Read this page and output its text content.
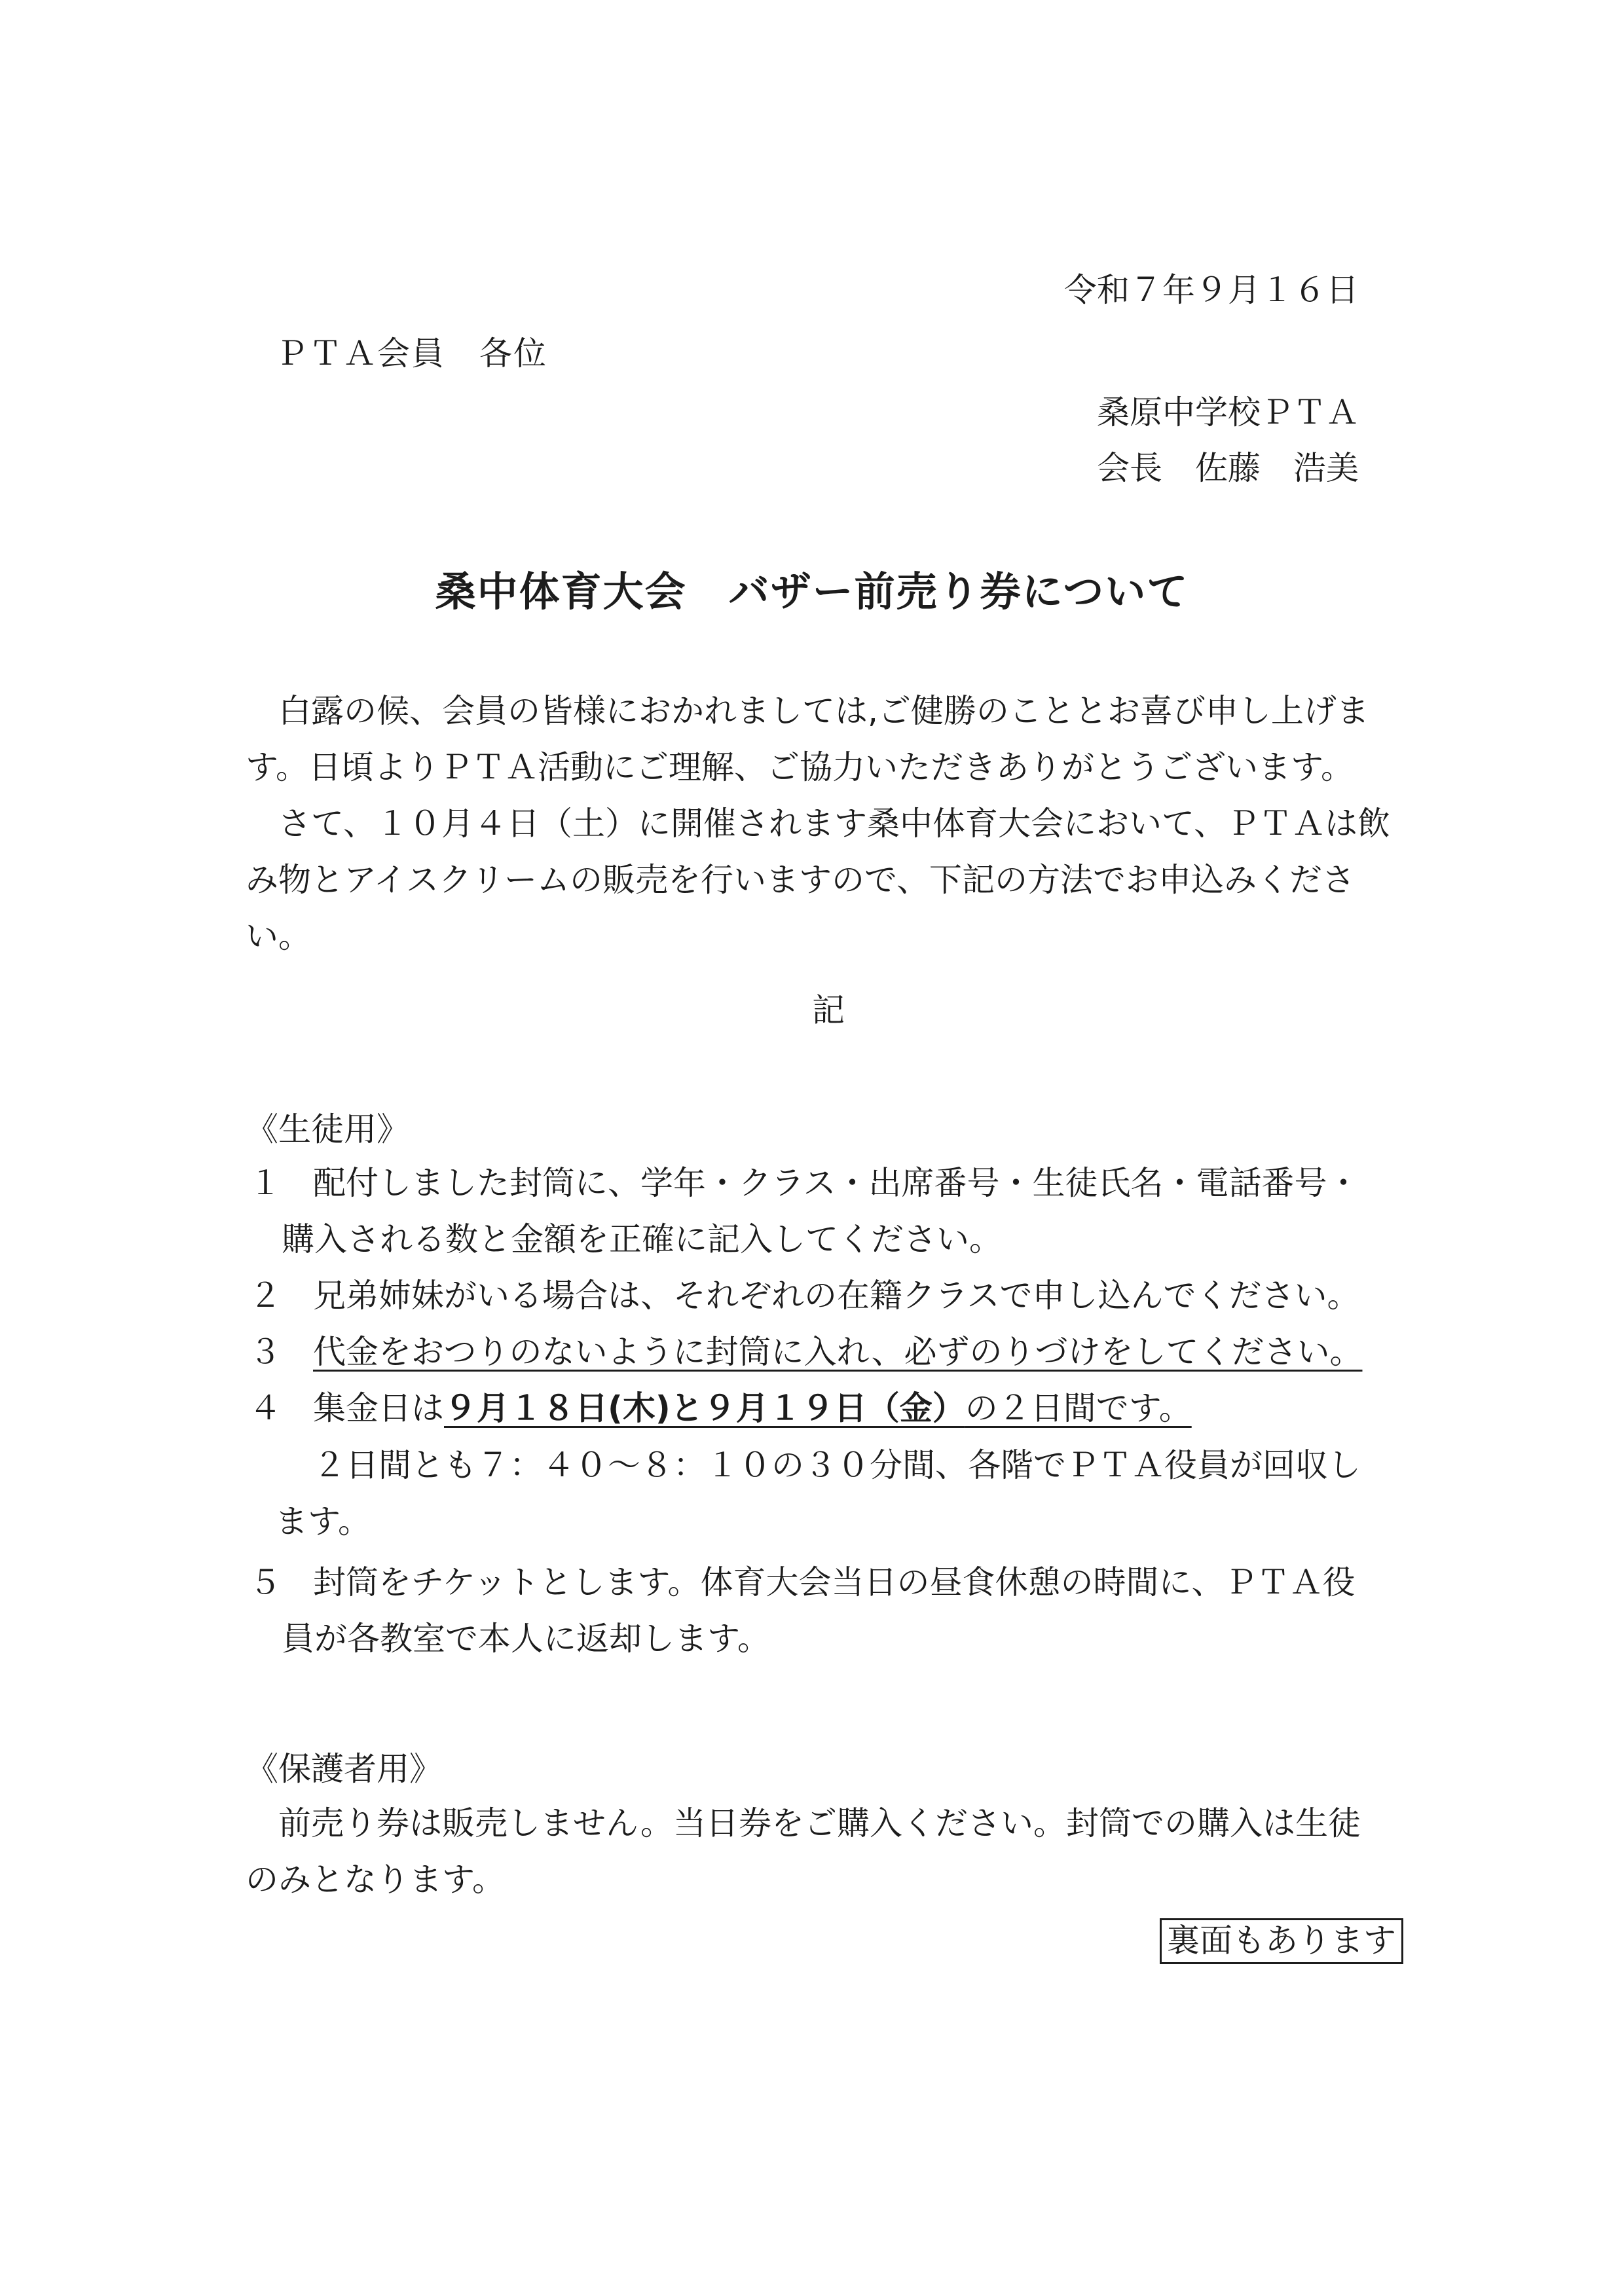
令和７年９月１６日
ＰＴＡ会員　各位
桑原中学校ＰＴＡ
会長　佐藤　浩美
桑中体育大会　バザー前売り券について
白露の候、会員の皆様におかれましては,ご健勝のこととお喜び申し上げます。日頃よりＰＴＡ活動にご理解、ご協力いただきありがとうございます。
さて、１０月４日（土）に開催されます桑中体育大会において、ＰＴＡは飲み物とアイスクリームの販売を行いますので、下記の方法でお申込みください。
記
《生徒用》
１ 配付しました封筒に、学年・クラス・出席番号・生徒氏名・電話番号・
購入される数と金額を正確に記入してください。
２ 兄弟姉妹がいる場合は、それぞれの在籍クラスで申し込んでください。
３ 代金をおつりのないように封筒に入れ、必ずのりづけをしてください。
４ 集金日は９月１８日(木)と９月１９日（金）の２日間です。
２日間とも７：４０～８：１０の３０分間、各階でＰＴＡ役員が回収し
ます。
５ 封筒をチケットとします。体育大会当日の昼食休憩の時間に、ＰＴＡ役
員が各教室で本人に返却します。
《保護者用》
前売り券は販売しません。当日券をご購入ください。封筒での購入は生徒
のみとなります。
裏面もあります
